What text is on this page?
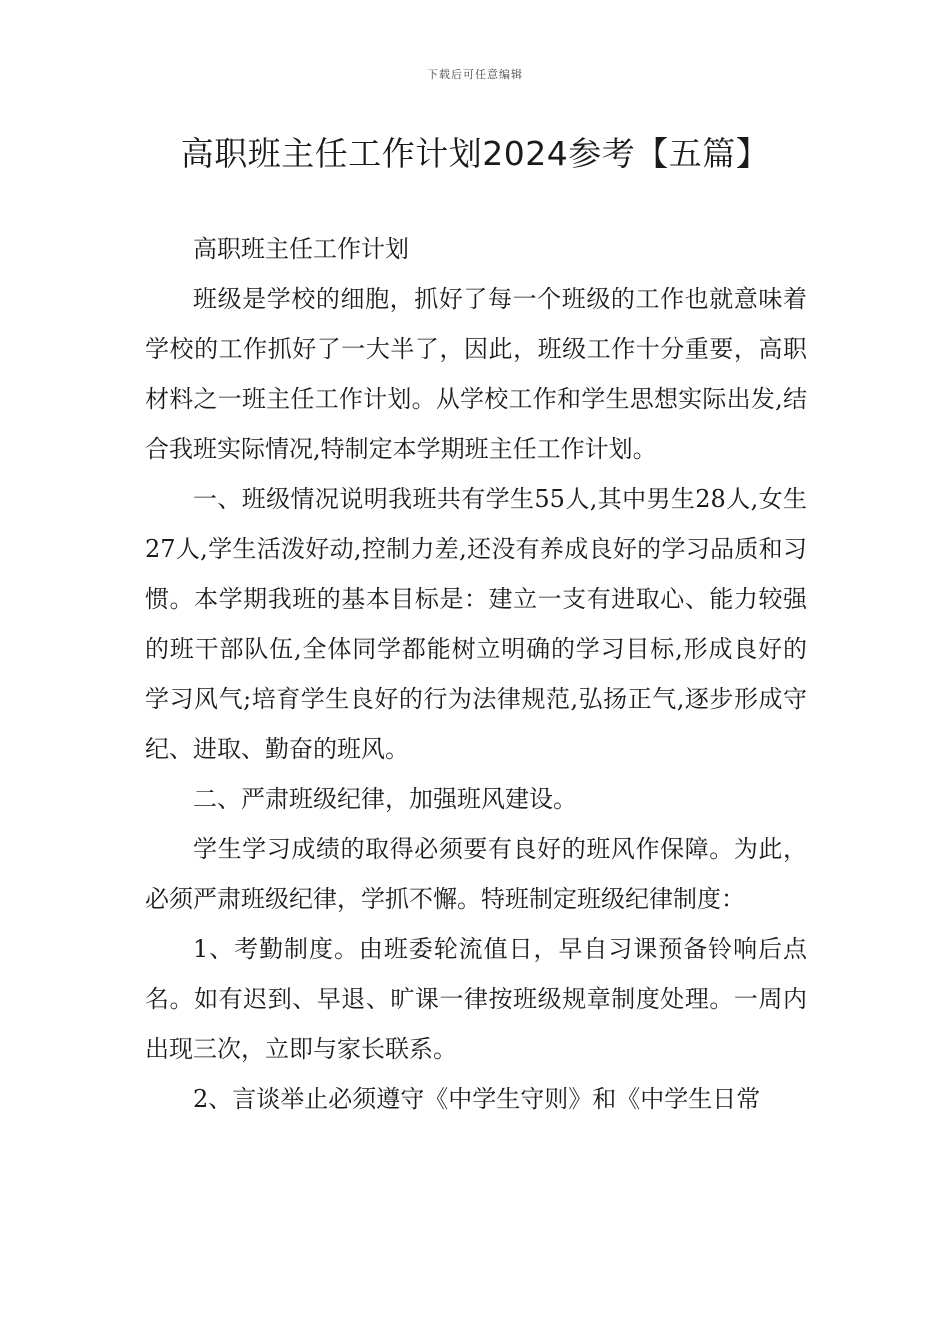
下载后可任意编辑
高职班主任工作计划2024参考【五篇】

高职班主任工作计划

班级是学校的细胞，抓好了每一个班级的工作也就意味着学校的工作抓好了一大半了，因此，班级工作十分重要，高职材料之一班主任工作计划。从学校工作和学生思想实际出发,结合我班实际情况,特制定本学期班主任工作计划。

一、班级情况说明我班共有学生55人,其中男生28人,女生27人,学生活泼好动,控制力差,还没有养成良好的学习品质和习惯。本学期我班的基本目标是：建立一支有进取心、能力较强的班干部队伍,全体同学都能树立明确的学习目标,形成良好的学习风气;培育学生良好的行为法律规范,弘扬正气,逐步形成守纪、进取、勤奋的班风。

二、严肃班级纪律，加强班风建设。

学生学习成绩的取得必须要有良好的班风作保障。为此，必须严肃班级纪律，学抓不懈。特班制定班级纪律制度：

1、考勤制度。由班委轮流值日，早自习课预备铃响后点名。如有迟到、早退、旷课一律按班级规章制度处理。一周内出现三次，立即与家长联系。

2、言谈举止必须遵守《中学生守则》和《中学生日常
